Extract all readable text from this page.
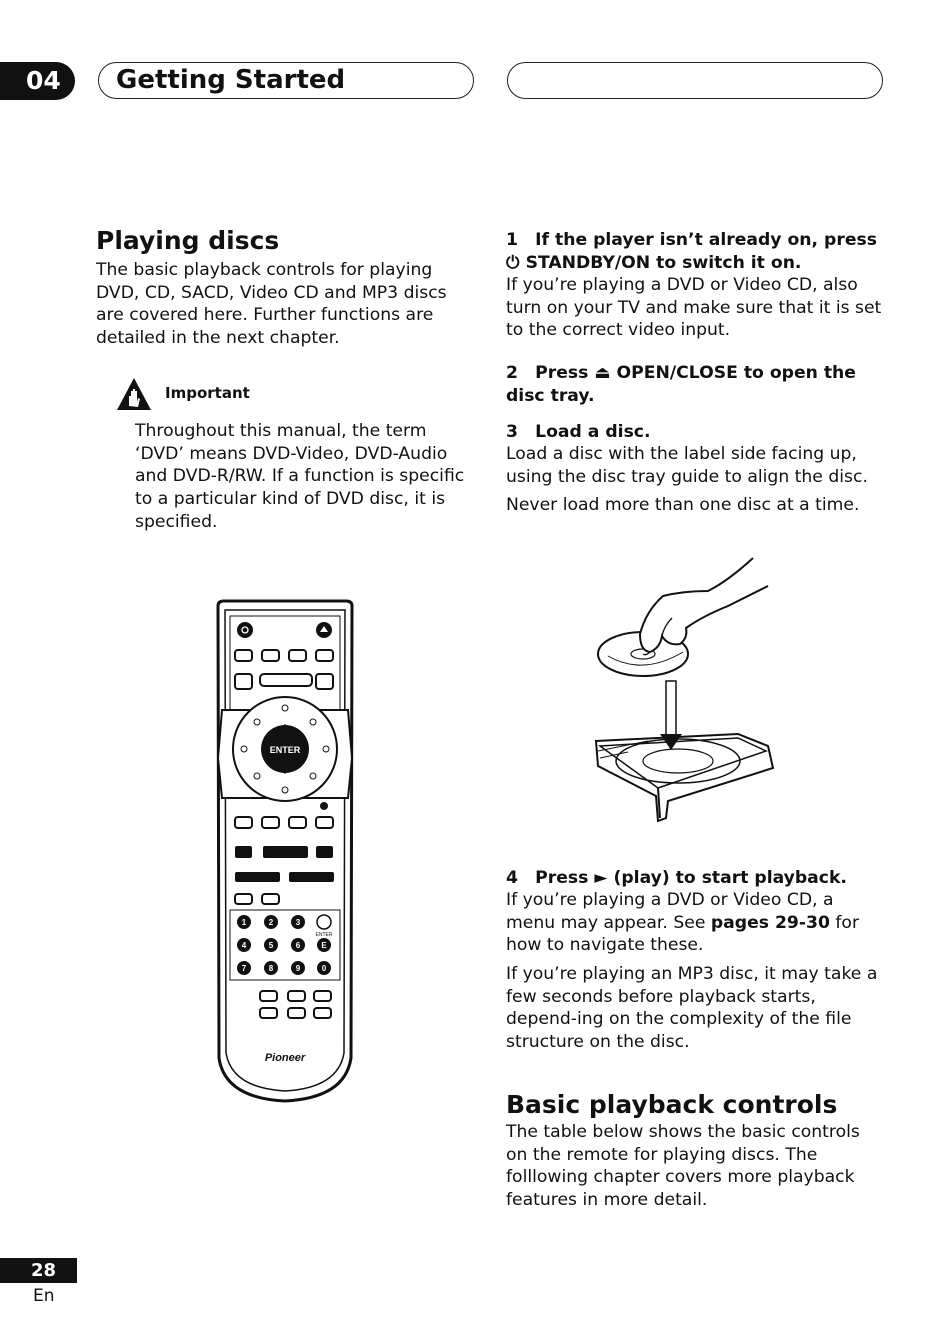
04	Getting Started
Playing discs

The basic playback controls for playing DVD, CD, SACD, Video CD and MP3 discs are covered here. Further functions are detailed in the next chapter.

Important

Throughout this manual, the term ‘DVD’ means DVD-Video, DVD-Audio and DVD-R/RW. If a function is specific to a particular kind of DVD disc, it is specified.

ENTER
1	2	3
4	5	6	E
7	8	9	0
ENTER
Pioneer

1 If the player isn’t already on, press ⏻ STANDBY/ON to switch it on.

If you’re playing a DVD or Video CD, also turn on your TV and make sure that it is set to the correct video input.

2 Press ⏏ OPEN/CLOSE to open the disc tray.

3 Load a disc.

Load a disc with the label side facing up, using the disc tray guide to align the disc.

Never load more than one disc at a time.

4 Press ► (play) to start playback.

If you’re playing a DVD or Video CD, a menu may appear. See pages 29-30 for how to navigate these.

If you’re playing an MP3 disc, it may take a few seconds before playback starts, depend-ing on the complexity of the file structure on the disc.

Basic playback controls

The table below shows the basic controls on the remote for playing discs. The folllowing chapter covers more playback features in more detail.

28
En
